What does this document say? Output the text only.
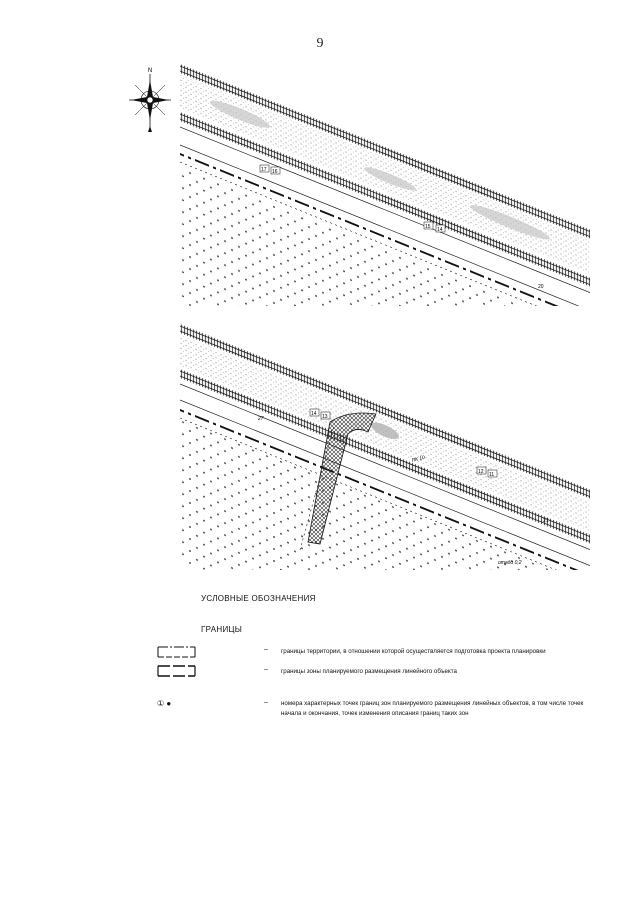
9
N
17 16
15 14
20
27
14 13
12 11
21
ПК 10
отадо 0,2
УСЛОВНЫЕ ОБОЗНАЧЕНИЯ
ГРАНИЦЫ
– границы территории, в отношении которой осуществляется подготовка проекта планировки
– границы зоны планируемого размещения линейного объекта
① ●	– номера характерных точек границ зон планируемого размещения линейных объектов, в том числе точек начала и окончания, точек изменения описания границ таких зон
